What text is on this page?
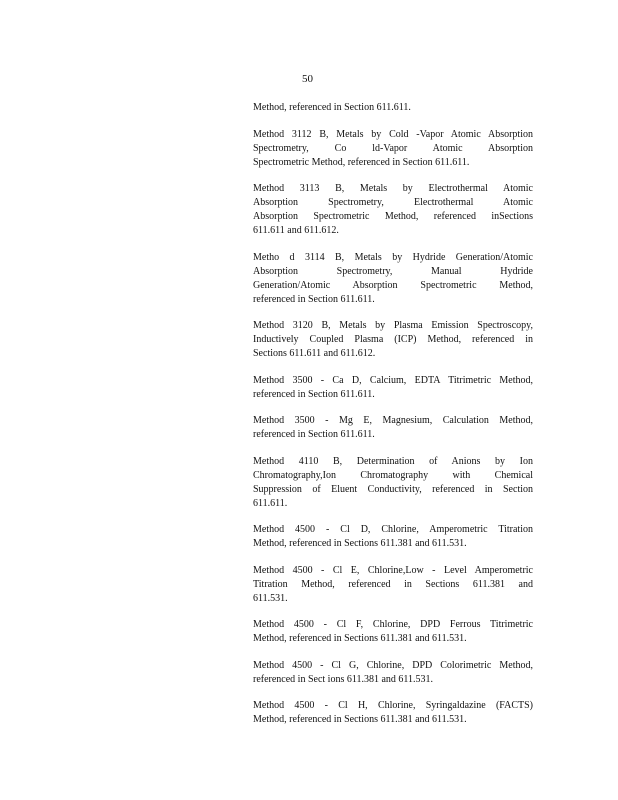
50
Method, referenced in Section 611.611.
Method 3112 B, Metals by Cold -Vapor Atomic Absorption
Spectrometry, Co ld-Vapor Atomic Absorption
Spectrometric Method, referenced in Section 611.611.
Method 3113 B, Metals by Electrothermal Atomic
Absorption Spectrometry, Electrothermal Atomic
Absorption Spectrometric Method, referenced inSections
611.611 and 611.612.
Metho d 3114 B, Metals by Hydride Generation/Atomic
Absorption Spectrometry, Manual Hydride
Generation/Atomic Absorption Spectrometric Method,
referenced in Section 611.611.
Method 3120 B, Metals by Plasma Emission Spectroscopy,
Inductively Coupled Plasma (ICP) Method, referenced in
Sections 611.611 and 611.612.
Method 3500 - Ca D, Calcium, EDTA Titrimetric Method,
referenced in Section 611.611.
Method 3500 - Mg E, Magnesium, Calculation Method,
referenced in Section 611.611.
Method 4110 B, Determination of Anions by Ion
Chromatography,Ion Chromatography with Chemical
Suppression of Eluent Conductivity, referenced in Section
611.611.
Method 4500 - Cl D, Chlorine, Amperometric Titration
Method, referenced in Sections 611.381 and 611.531.
Method 4500 - Cl E, Chlorine,Low - Level Amperometric
Titration Method, referenced in Sections 611.381 and
611.531.
Method 4500 - Cl F, Chlorine, DPD Ferrous Titrimetric
Method, referenced in Sections 611.381 and 611.531.
Method 4500 - Cl G, Chlorine, DPD Colorimetric Method,
referenced in Sect ions 611.381 and 611.531.
Method 4500 - Cl H, Chlorine, Syringaldazine (FACTS)
Method, referenced in Sections 611.381 and 611.531.
